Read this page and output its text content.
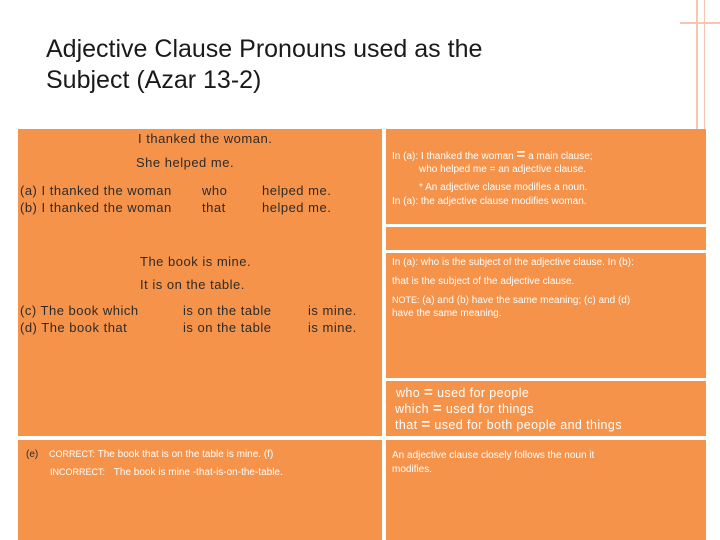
Adjective Clause Pronouns used as the
Subject (Azar 13-2)
I thanked the woman.
She helped me.
(a) I thanked the woman who	helped me.
(b) I thanked the woman that	helped me.
In (a): I thanked the woman = a main clause;
who helped me = an adjective clause.
* An adjective clause modifies a noun.
In (a): the adjective clause modifies woman.
The book is mine.
It is on the table.
(c) The book which	is on the table	is mine.
(d) The book that	is on the table	is mine.
In (a): who is the subject of the adjective clause. In (b):
that is the subject of the adjective clause.
NOTE: (a) and (b) have the same meaning; (c) and (d)
have the same meaning.
who = used for people
which = used for things
that = used for both people and things
(e) CORRECT: The book that is on the table is mine. (f)
INCORRECT: The book is mine -that-is-on-the-table.
An adjective clause closely follows the noun it
modifies.
